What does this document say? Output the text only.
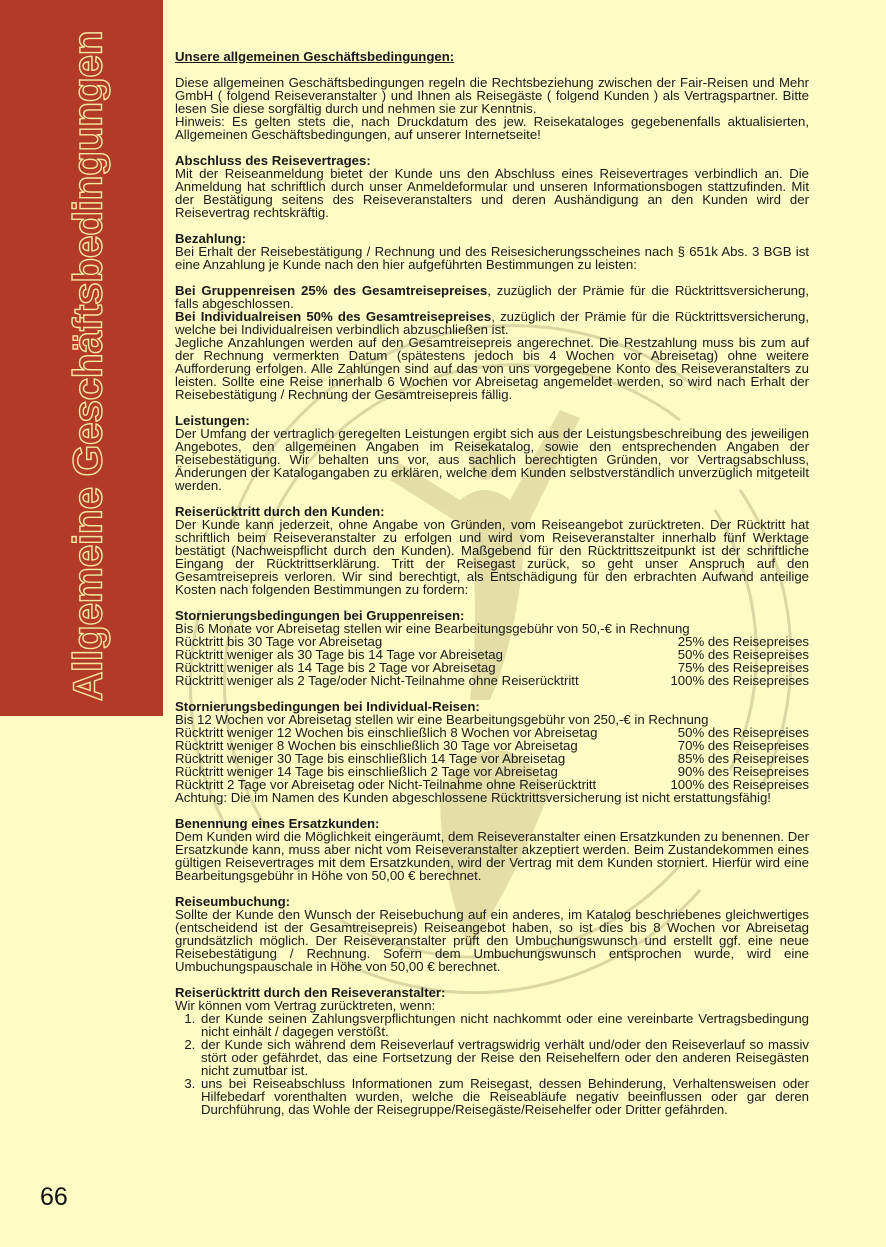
Allgemeine Geschäftsbedingungen	Unsere allgemeinen Geschäftsbedingungen:

Diese allgemeinen Geschäftsbedingungen regeln die Rechtsbeziehung zwischen der Fair-Reisen und Mehr GmbH ( folgend Reiseveranstalter ) und Ihnen als Reisegäste ( folgend Kunden ) als Vertragspartner. Bitte lesen Sie diese sorgfältig durch und nehmen sie zur Kenntnis.

Hinweis: Es gelten stets die, nach Druckdatum des jew. Reisekataloges gegebenenfalls aktualisierten, Allgemeinen Geschäftsbedingungen, auf unserer Internetseite!

Abschluss des Reisevertrages:

Mit der Reiseanmeldung bietet der Kunde uns den Abschluss eines Reisevertrages verbindlich an. Die Anmeldung hat schriftlich durch unser Anmeldeformular und unseren Informationsbogen stattzufinden. Mit der Bestätigung seitens des Reiseveranstalters und deren Aushändigung an den Kunden wird der Reisevertrag rechtskräftig.

Bezahlung:

Bei Erhalt der Reisebestätigung / Rechnung und des Reisesicherungsscheines nach § 651k Abs. 3 BGB ist eine Anzahlung je Kunde nach den hier aufgeführten Bestimmungen zu leisten:

Bei Gruppenreisen 25% des Gesamtreisepreises, zuzüglich der Prämie für die Rücktrittsversicherung, falls abgeschlossen.

Bei Individualreisen 50% des Gesamtreisepreises, zuzüglich der Prämie für die Rücktrittsversicherung, welche bei Individualreisen verbindlich abzuschließen ist.

Jegliche Anzahlungen werden auf den Gesamtreisepreis angerechnet. Die Restzahlung muss bis zum auf der Rechnung vermerkten Datum (spätestens jedoch bis 4 Wochen vor Abreisetag) ohne weitere Aufforderung erfolgen. Alle Zahlungen sind auf das von uns vorgegebene Konto des Reiseveranstalters zu leisten. Sollte eine Reise innerhalb 6 Wochen vor Abreisetag angemeldet werden, so wird nach Erhalt der Reisebestätigung / Rechnung der Gesamtreisepreis fällig.

Leistungen:

Der Umfang der vertraglich geregelten Leistungen ergibt sich aus der Leistungsbeschreibung des jeweiligen Angebotes, den allgemeinen Angaben im Reisekatalog, sowie den entsprechenden Angaben der Reisebestätigung. Wir behalten uns vor, aus sachlich berechtigten Gründen, vor Vertragsabschluss, Änderungen der Katalogangaben zu erklären, welche dem Kunden selbstverständlich unverzüglich mitgeteilt werden.

Reiserücktritt durch den Kunden:

Der Kunde kann jederzeit, ohne Angabe von Gründen, vom Reiseangebot zurücktreten. Der Rücktritt hat schriftlich beim Reiseveranstalter zu erfolgen und wird vom Reiseveranstalter innerhalb fünf Werktage bestätigt (Nachweispflicht durch den Kunden). Maßgebend für den Rücktrittszeitpunkt ist der schriftliche Eingang der Rücktrittserklärung. Tritt der Reisegast zurück, so geht unser Anspruch auf den Gesamtreisepreis verloren. Wir sind berechtigt, als Entschädigung für den erbrachten Aufwand anteilige Kosten nach folgenden Bestimmungen zu fordern:

Stornierungsbedingungen bei Gruppenreisen:

Bis 6 Monate vor Abreisetag stellen wir eine Bearbeitungsgebühr von 50,-€ in Rechnung

Rücktritt bis 30 Tage vor Abreisetag	25% des Reisepreises
Rücktritt weniger als 30 Tage bis 14 Tage vor Abreisetag	50% des Reisepreises
Rücktritt weniger als 14 Tage bis 2 Tage vor Abreisetag	75% des Reisepreises
Rücktritt weniger als 2 Tage/oder Nicht-Teilnahme ohne Reiserücktritt	100% des Reisepreises
Stornierungsbedingungen bei Individual-Reisen:

Bis 12 Wochen vor Abreisetag stellen wir eine Bearbeitungsgebühr von 250,-€ in Rechnung

Rücktritt weniger 12 Wochen bis einschließlich 8 Wochen vor Abreisetag	50% des Reisepreises
Rücktritt weniger 8 Wochen bis einschließlich 30 Tage vor Abreisetag	70% des Reisepreises
Rücktritt weniger 30 Tage bis einschließlich 14 Tage vor Abreisetag	85% des Reisepreises
Rücktritt weniger 14 Tage bis einschließlich 2 Tage vor Abreisetag	90% des Reisepreises
Rücktritt 2 Tage vor Abreisetag oder Nicht-Teilnahme ohne Reiserücktritt	100% des Reisepreises

Achtung: Die im Namen des Kunden abgeschlossene Rücktrittsversicherung ist nicht erstattungsfähig!

Benennung eines Ersatzkunden:

Dem Kunden wird die Möglichkeit eingeräumt, dem Reiseveranstalter einen Ersatzkunden zu benennen. Der Ersatzkunde kann, muss aber nicht vom Reiseveranstalter akzeptiert werden. Beim Zustandekommen eines gültigen Reisevertrages mit dem Ersatzkunden, wird der Vertrag mit dem Kunden storniert. Hierfür wird eine Bearbeitungsgebühr in Höhe von 50,00 € berechnet.

Reiseumbuchung:

Sollte der Kunde den Wunsch der Reisebuchung auf ein anderes, im Katalog beschriebenes gleichwertiges (entscheidend ist der Gesamtreisepreis) Reiseangebot haben, so ist dies bis 8 Wochen vor Abreisetag grundsätzlich möglich. Der Reiseveranstalter prüft den Umbuchungswunsch und erstellt ggf. eine neue Reisebestätigung / Rechnung. Sofern dem Umbuchungswunsch entsprochen wurde, wird eine Umbuchungspauschale in Höhe von 50,00 € berechnet.

Reiserücktritt durch den Reiseveranstalter:

Wir können vom Vertrag zurücktreten, wenn:

1. der Kunde seinen Zahlungsverpflichtungen nicht nachkommt oder eine vereinbarte Vertragsbedingung nicht einhält / dagegen verstößt.
2. der Kunde sich während dem Reiseverlauf vertragswidrig verhält und/oder den Reiseverlauf so massiv stört oder gefährdet, das eine Fortsetzung der Reise den Reisehelfern oder den anderen Reisegästen nicht zumutbar ist.
3. uns bei Reiseabschluss Informationen zum Reisegast, dessen Behinderung, Verhaltensweisen oder Hilfebedarf vorenthalten wurden, welche die Reiseabläufe negativ beeinflussen oder gar deren Durchführung, das Wohle der Reisegruppe/Reisegäste/Reisehelfer oder Dritter gefährden.
66
